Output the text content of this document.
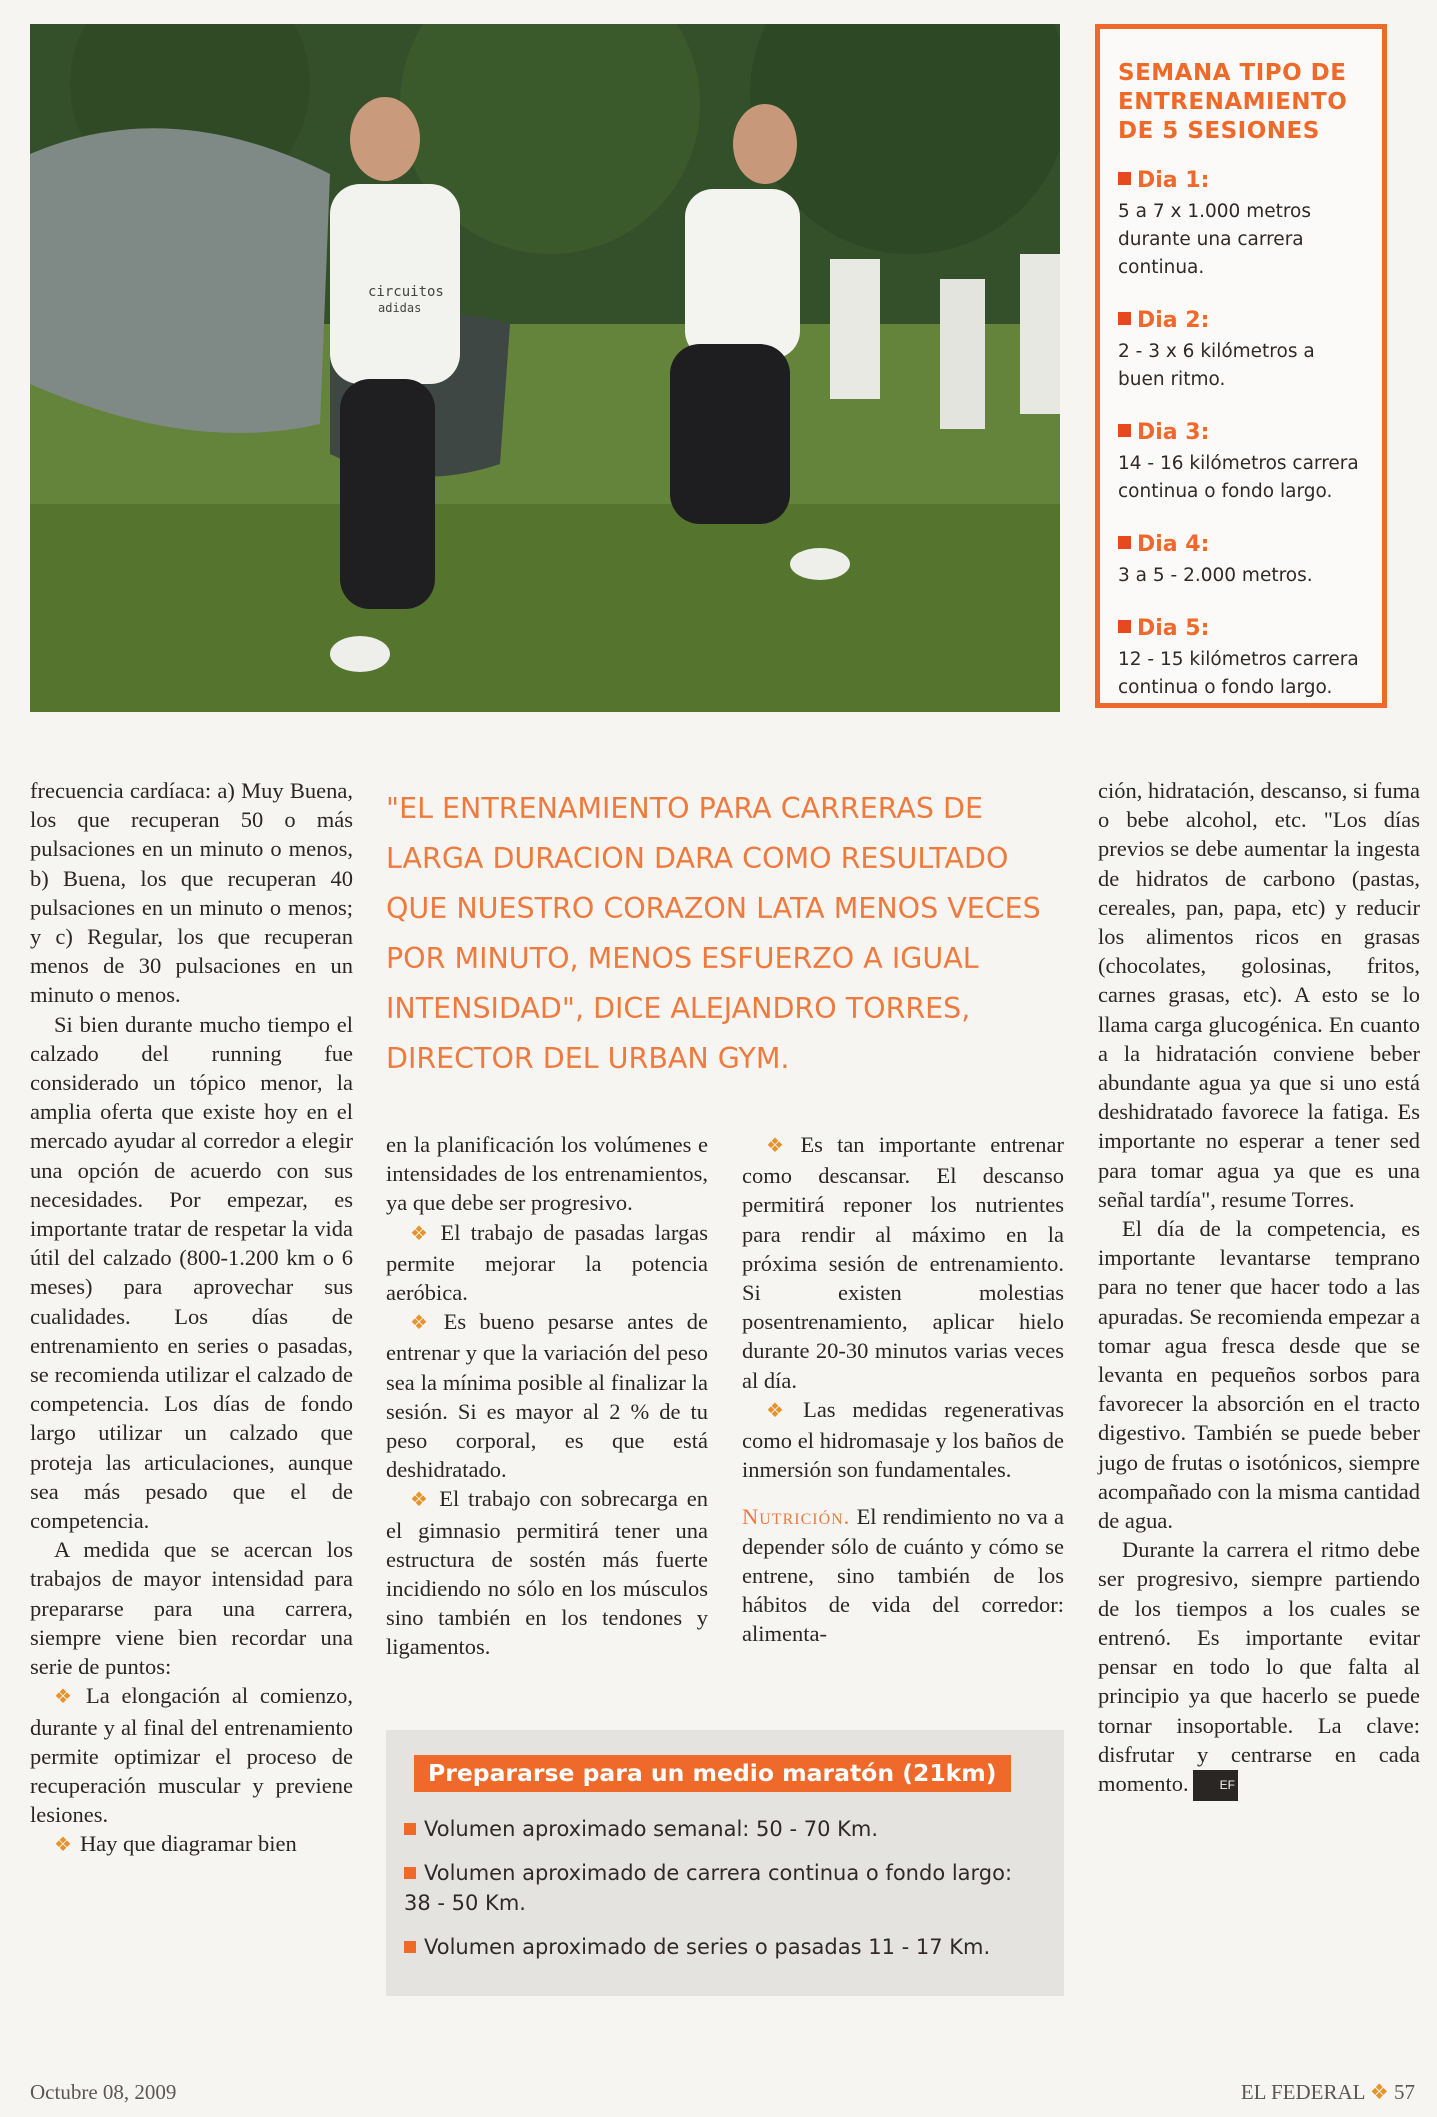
circuitos
adidas
SEMANA TIPO DE ENTRENAMIENTO DE 5 SESIONES
Dia 1:
5 a 7 x 1.000 metros durante una carrera continua.
Dia 2:
2 - 3 x 6 kilómetros a buen ritmo.
Dia 3:
14 - 16 kilómetros carrera continua o fondo largo.
Dia 4:
3 a 5 - 2.000 metros.
Dia 5:
12 - 15 kilómetros carrera continua o fondo largo.

frecuencia cardíaca: a) Muy Buena, los que recuperan 50 o más pulsaciones en un minuto o menos, b) Buena, los que recuperan 40 pulsaciones en un minuto o menos; y c) Regular, los que recuperan menos de 30 pulsaciones en un minuto o menos.

Si bien durante mucho tiempo el calzado del running fue considerado un tópico menor, la amplia oferta que existe hoy en el mercado ayudar al corredor a elegir una opción de acuerdo con sus necesidades. Por empezar, es importante tratar de respetar la vida útil del calzado (800-1.200 km o 6 meses) para aprovechar sus cualidades. Los días de entrenamiento en series o pasadas, se recomienda utilizar el calzado de competencia. Los días de fondo largo utilizar un calzado que proteja las articulaciones, aunque sea más pesado que el de competencia.

A medida que se acercan los trabajos de mayor intensidad para prepararse para una carrera, siempre viene bien recordar una serie de puntos:

❖ La elongación al comienzo, durante y al final del entrenamiento permite optimizar el proceso de recuperación muscular y previene lesiones.

❖ Hay que diagramar bien

"EL ENTRENAMIENTO PARA CARRERAS DE LARGA DURACION DARA COMO RESULTADO QUE NUESTRO CORAZON LATA MENOS VECES POR MINUTO, MENOS ESFUERZO A IGUAL INTENSIDAD", DICE ALEJANDRO TORRES, DIRECTOR DEL URBAN GYM.

en la planificación los volúmenes e intensidades de los entrenamientos, ya que debe ser progresivo.

❖ El trabajo de pasadas largas permite mejorar la potencia aeróbica.

❖ Es bueno pesarse antes de entrenar y que la variación del peso sea la mínima posible al finalizar la sesión. Si es mayor al 2 % de tu peso corporal, es que está deshidratado.

❖ El trabajo con sobrecarga en el gimnasio permitirá tener una estructura de sostén más fuerte incidiendo no sólo en los músculos sino también en los tendones y ligamentos.

❖ Es tan importante entrenar como descansar. El descanso permitirá reponer los nutrientes para rendir al máximo en la próxima sesión de entrenamiento. Si existen molestias posentrenamiento, aplicar hielo durante 20-30 minutos varias veces al día.

❖ Las medidas regenerativas como el hidromasaje y los baños de inmersión son fundamentales.

Nutrición. El rendimiento no va a depender sólo de cuánto y cómo se entrene, sino también de los hábitos de vida del corredor: alimenta-

ción, hidratación, descanso, si fuma o bebe alcohol, etc. "Los días previos se debe aumentar la ingesta de hidratos de carbono (pastas, cereales, pan, papa, etc) y reducir los alimentos ricos en grasas (chocolates, golosinas, fritos, carnes grasas, etc). A esto se lo llama carga glucogénica. En cuanto a la hidratación conviene beber abundante agua ya que si uno está deshidratado favorece la fatiga. Es importante no esperar a tener sed para tomar agua ya que es una señal tardía", resume Torres.

El día de la competencia, es importante levantarse temprano para no tener que hacer todo a las apuradas. Se recomienda empezar a tomar agua fresca desde que se levanta en pequeños sorbos para favorecer la absorción en el tracto digestivo. También se puede beber jugo de frutas o isotónicos, siempre acompañado con la misma cantidad de agua.

Durante la carrera el ritmo debe ser progresivo, siempre partiendo de los tiempos a los cuales se entrenó. Es importante evitar pensar en todo lo que falta al principio ya que hacerlo se puede tornar insoportable. La clave: disfrutar y centrarse en cada momento.	EF

Prepararse para un medio maratón (21km)
Volumen aproximado semanal: 50 - 70 Km.
Volumen aproximado de carrera continua o fondo largo: 38 - 50 Km.
Volumen aproximado de series o pasadas 11 - 17 Km.
Octubre 08, 2009	EL FEDERAL ❖ 57
